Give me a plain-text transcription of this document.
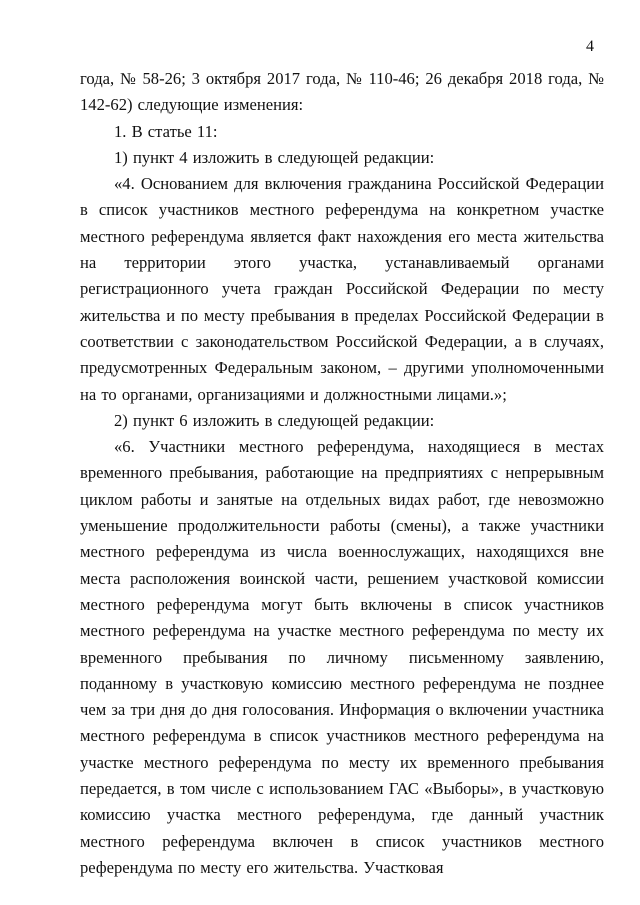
4

года, № 58-26; 3 октября 2017 года, № 110-46; 26 декабря 2018 года, № 142-62) следующие изменения:

1. В статье 11:

1) пункт 4 изложить в следующей редакции:

«4. Основанием для включения гражданина Российской Федерации в список участников местного референдума на конкретном участке местного референдума является факт нахождения его места жительства на территории этого участка, устанавливаемый органами регистрационного учета граждан Российской Федерации по месту жительства и по месту пребывания в пределах Российской Федерации в соответствии с законодательством Российской Федерации, а в случаях, предусмотренных Федеральным законом, – другими уполномоченными на то органами, организациями и должностными лицами.»;

2) пункт 6 изложить в следующей редакции:

«6. Участники местного референдума, находящиеся в местах временного пребывания, работающие на предприятиях с непрерывным циклом работы и занятые на отдельных видах работ, где невозможно уменьшение продолжительности работы (смены), а также участники местного референдума из числа военнослужащих, находящихся вне места расположения воинской части, решением участковой комиссии местного референдума могут быть включены в список участников местного референдума на участке местного референдума по месту их временного пребывания по личному письменному заявлению, поданному в участковую комиссию местного референдума не позднее чем за три дня до дня голосования. Информация о включении участника местного референдума в список участников местного референдума на участке местного референдума по месту их временного пребывания передается, в том числе с использованием ГАС «Выборы», в участковую комиссию участка местного референдума, где данный участник местного референдума включен в список участников местного референдума по месту его жительства. Участковая
